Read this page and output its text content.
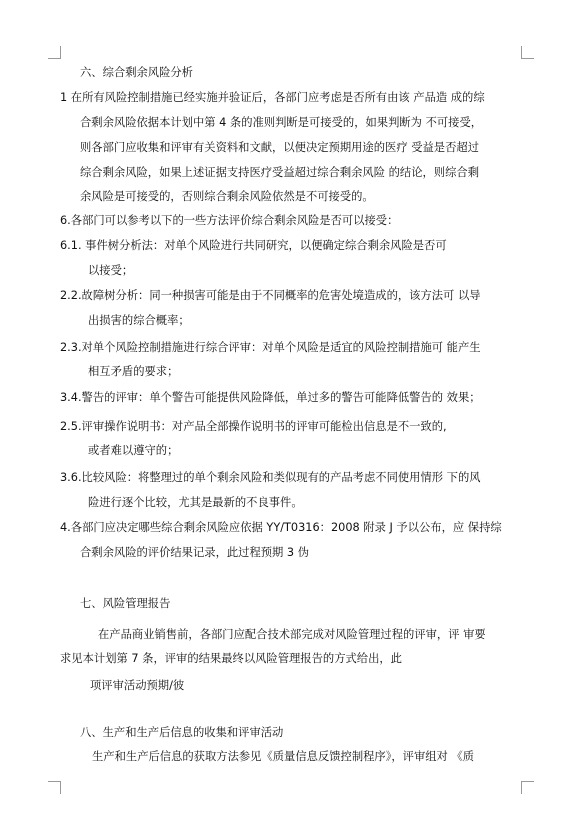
六、综合剩余风险分析
1 在所有风险控制措施已经实施并验证后，各部门应考虑是否所有由该 产品造 成的综
合剩余风险依据本计划中第 4 条的准则判断是可接受的，如果判断为 不可接受，
则各部门应收集和评审有关资料和文献，以便决定预期用途的医疗 受益是否超过
综合剩余风险，如果上述证据支持医疗受益超过综合剩余风险 的结论，则综合剩
余风险是可接受的，否则综合剩余风险依然是不可接受的。
6.各部门可以参考以下的一些方法评价综合剩余风险是否可以接受：
6.1. 事件树分析法：对单个风险进行共同研究，以便确定综合剩余风险是否可
以接受；
2.2.故障树分析：同一种损害可能是由于不同概率的危害处境造成的，该方法可 以导
出损害的综合概率；
2.3.对单个风险控制措施进行综合评审：对单个风险是适宜的风险控制措施可 能产生
相互矛盾的要求；
3.4.警告的评审：单个警告可能提供风险降低，单过多的警告可能降低警告的 效果；
2.5.评审操作说明书：对产品全部操作说明书的评审可能检出信息是不一致的,
或者难以遵守的；
3.6.比较风险：将整理过的单个剩余风险和类似现有的产品考虑不同使用情形 下的风
险进行逐个比较，尤其是最新的不良事件。
4.各部门应决定哪些综合剩余风险应依据 YY/T0316：2008 附录 J 予以公布，应 保持综
合剩余风险的评价结果记录，此过程预期 3 伪
七、风险管理报告
在产品商业销售前，各部门应配合技术部完成对风险管理过程的评审，评 审要
求见本计划第 7 条，评审的结果最终以风险管理报告的方式给出，此
项评审活动预期/彼
八、生产和生产后信息的收集和评审活动
生产和生产后信息的获取方法参见《质量信息反馈控制程序》，评审组对 《质
